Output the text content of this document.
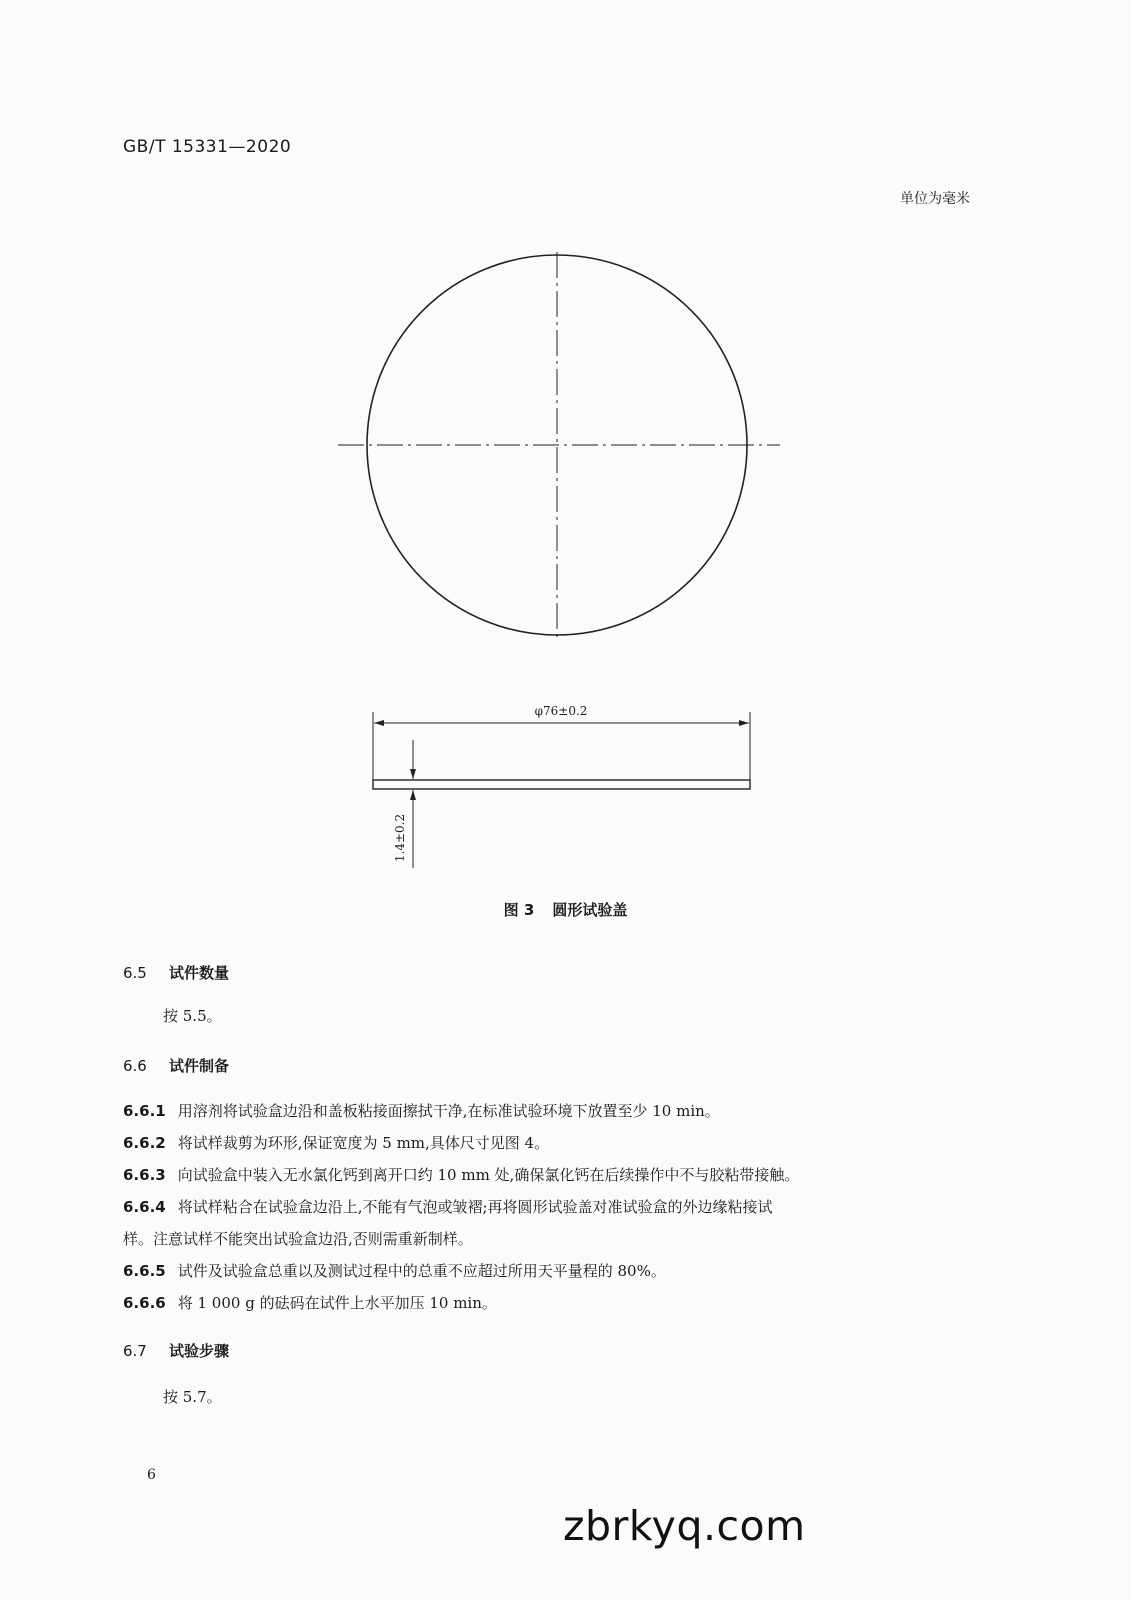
GB/T 15331—2020
单位为毫米
φ76±0.2
1.4±0.2
图 3 圆形试验盖
6.5 试件数量
按 5.5。
6.6 试件制备
6.6.1 用溶剂将试验盒边沿和盖板粘接面擦拭干净,在标准试验环境下放置至少 10 min。
6.6.2 将试样裁剪为环形,保证宽度为 5 mm,具体尺寸见图 4。
6.6.3 向试验盒中装入无水氯化钙到离开口约 10 mm 处,确保氯化钙在后续操作中不与胶粘带接触。
6.6.4 将试样粘合在试验盒边沿上,不能有气泡或皱褶;再将圆形试验盖对准试验盒的外边缘粘接试
样。注意试样不能突出试验盒边沿,否则需重新制样。
6.6.5 试件及试验盒总重以及测试过程中的总重不应超过所用天平量程的 80%。
6.6.6 将 1 000 g 的砝码在试件上水平加压 10 min。
6.7 试验步骤
按 5.7。
6
zbrkyq.com
